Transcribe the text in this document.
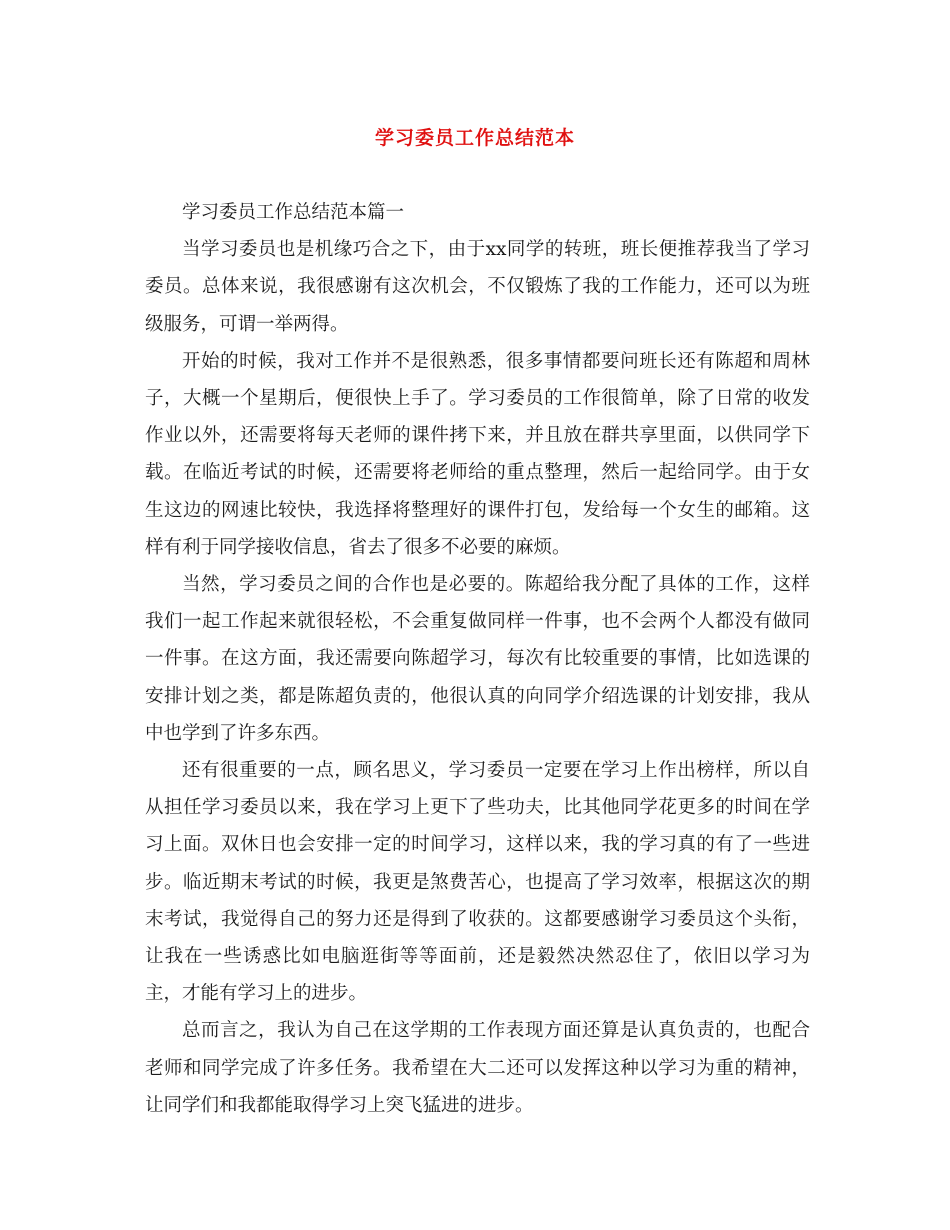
学习委员工作总结范本

学习委员工作总结范本篇一

当学习委员也是机缘巧合之下，由于xx同学的转班，班长便推荐我当了学习委员。总体来说，我很感谢有这次机会，不仅锻炼了我的工作能力，还可以为班级服务，可谓一举两得。

开始的时候，我对工作并不是很熟悉，很多事情都要问班长还有陈超和周林子，大概一个星期后，便很快上手了。学习委员的工作很简单，除了日常的收发作业以外，还需要将每天老师的课件拷下来，并且放在群共享里面，以供同学下载。在临近考试的时候，还需要将老师给的重点整理，然后一起给同学。由于女生这边的网速比较快，我选择将整理好的课件打包，发给每一个女生的邮箱。这样有利于同学接收信息，省去了很多不必要的麻烦。

当然，学习委员之间的合作也是必要的。陈超给我分配了具体的工作，这样我们一起工作起来就很轻松，不会重复做同样一件事，也不会两个人都没有做同一件事。在这方面，我还需要向陈超学习，每次有比较重要的事情，比如选课的安排计划之类，都是陈超负责的，他很认真的向同学介绍选课的计划安排，我从中也学到了许多东西。

还有很重要的一点，顾名思义，学习委员一定要在学习上作出榜样，所以自从担任学习委员以来，我在学习上更下了些功夫，比其他同学花更多的时间在学习上面。双休日也会安排一定的时间学习，这样以来，我的学习真的有了一些进步。临近期末考试的时候，我更是煞费苦心，也提高了学习效率，根据这次的期末考试，我觉得自己的努力还是得到了收获的。这都要感谢学习委员这个头衔，让我在一些诱惑比如电脑逛街等等面前，还是毅然决然忍住了，依旧以学习为主，才能有学习上的进步。

总而言之，我认为自己在这学期的工作表现方面还算是认真负责的，也配合老师和同学完成了许多任务。我希望在大二还可以发挥这种以学习为重的精神，让同学们和我都能取得学习上突飞猛进的进步。
